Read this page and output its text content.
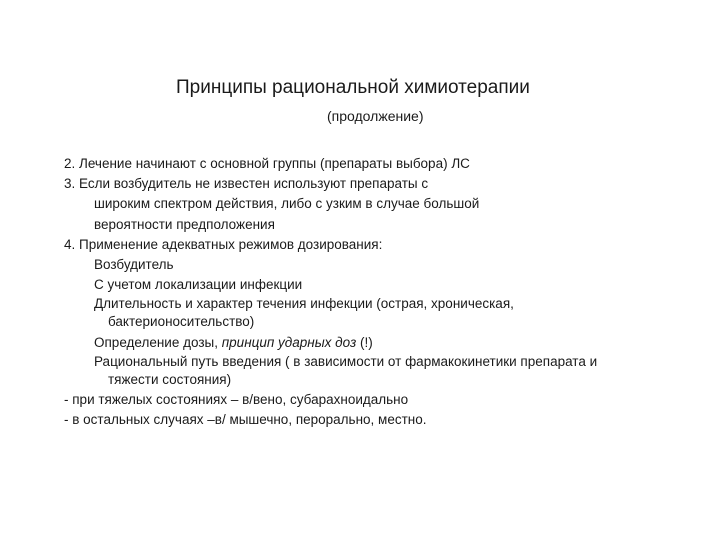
Принципы рациональной химиотерапии
(продолжение)
2. Лечение начинают с основной группы (препараты выбора) ЛС
3. Если возбудитель не известен используют препараты с
широким спектром действия, либо с узким в случае большой
вероятности предположения
4. Применение адекватных режимов дозирования:
Возбудитель
С учетом локализации инфекции
Длительность и характер течения инфекции (острая, хроническая,
бактерионосительство)
Определение дозы, принцип ударных доз (!)
Рациональный путь введения ( в зависимости от фармакокинетики препарата и
тяжести состояния)
- при тяжелых состояниях – в/вено, субарахноидально
- в остальных случаях –в/ мышечно, перорально, местно.
